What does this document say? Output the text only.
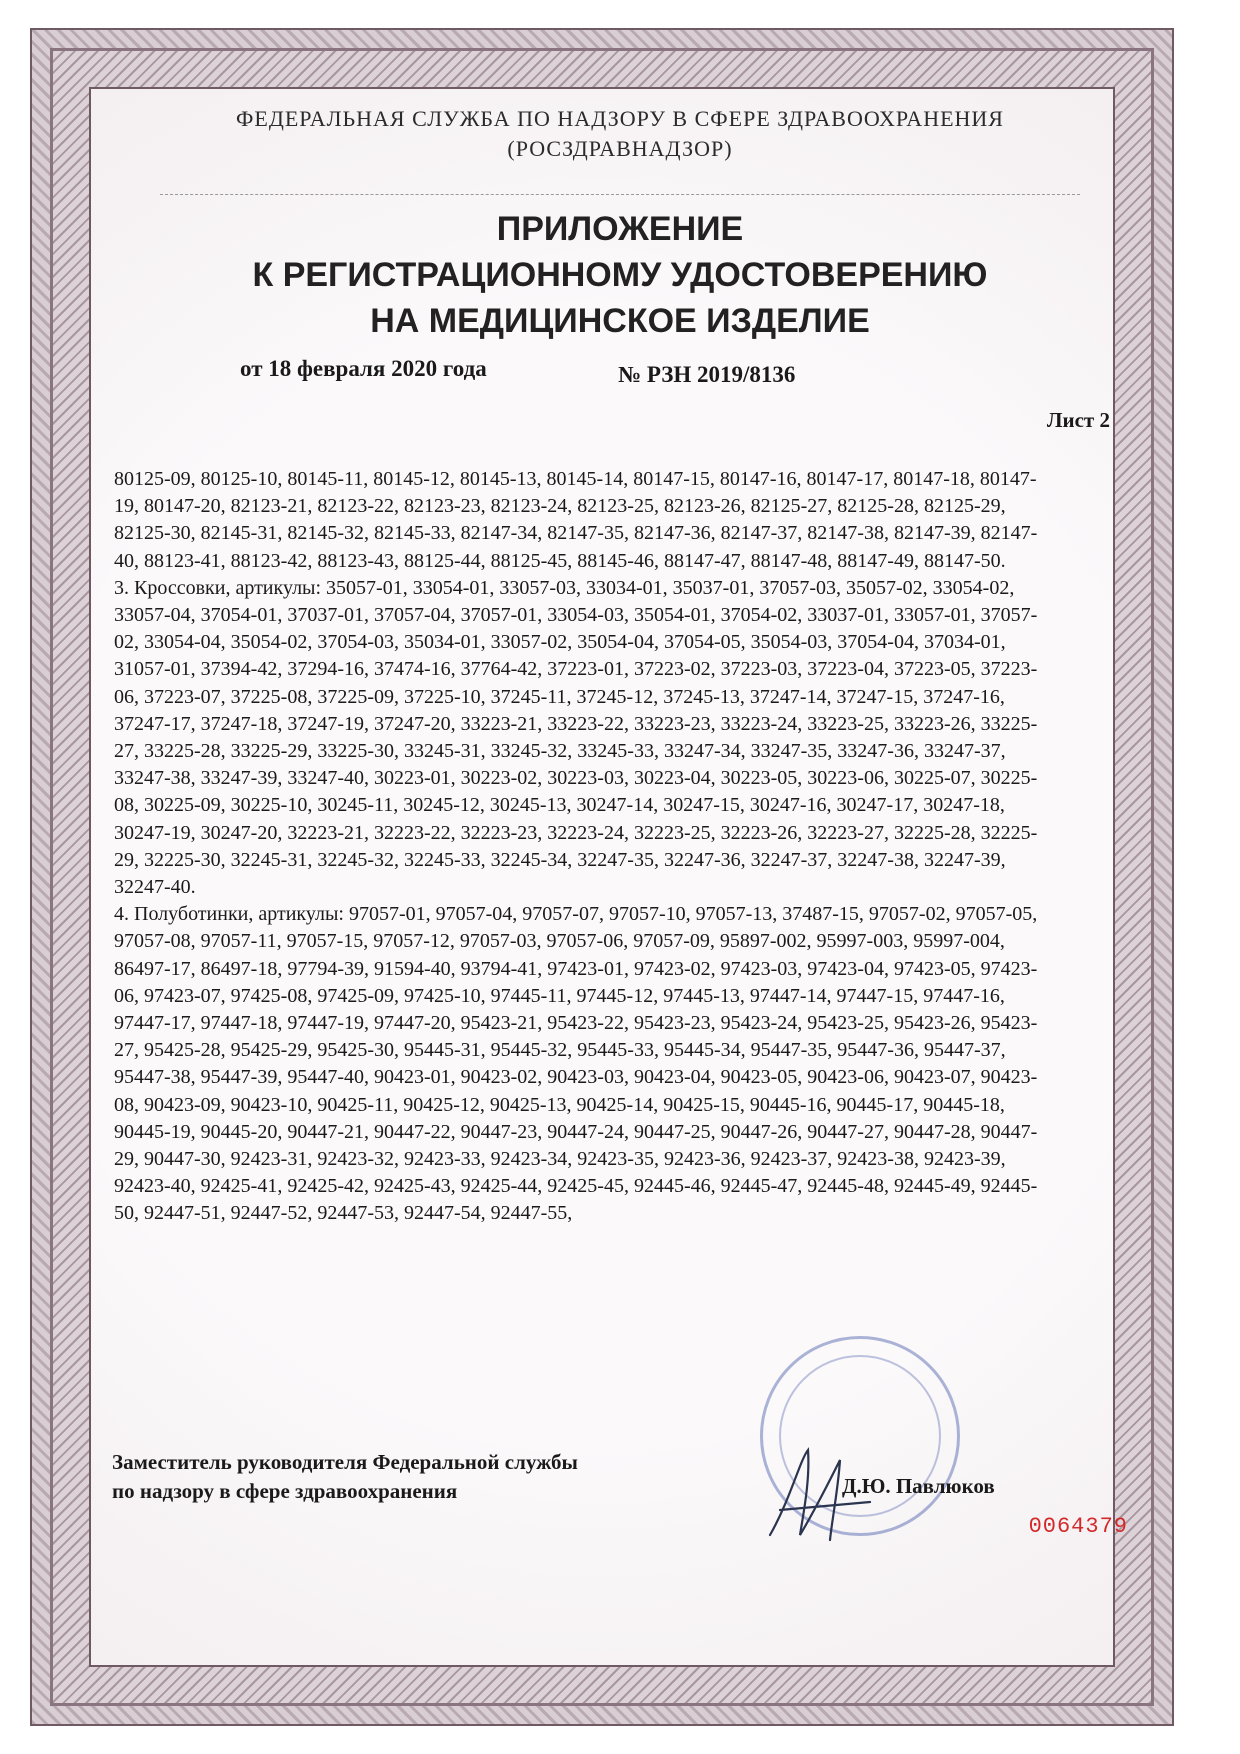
ФЕДЕРАЛЬНАЯ СЛУЖБА ПО НАДЗОРУ В СФЕРЕ ЗДРАВООХРАНЕНИЯ
(РОСЗДРАВНАДЗОР)
ПРИЛОЖЕНИЕ
К РЕГИСТРАЦИОННОМУ УДОСТОВЕРЕНИЮ
НА МЕДИЦИНСКОЕ ИЗДЕЛИЕ
от 18 февраля 2020 года	№ РЗН 2019/8136
Лист 2

80125-09, 80125-10, 80145-11, 80145-12, 80145-13, 80145-14, 80147-15, 80147-16, 80147-17, 80147-18, 80147-19, 80147-20, 82123-21, 82123-22, 82123-23, 82123-24, 82123-25, 82123-26, 82125-27, 82125-28, 82125-29, 82125-30, 82145-31, 82145-32, 82145-33, 82147-34, 82147-35, 82147-36, 82147-37, 82147-38, 82147-39, 82147-40, 88123-41, 88123-42, 88123-43, 88125-44, 88125-45, 88145-46, 88147-47, 88147-48, 88147-49, 88147-50.

3. Кроссовки, артикулы: 35057-01, 33054-01, 33057-03, 33034-01, 35037-01, 37057-03, 35057-02, 33054-02, 33057-04, 37054-01, 37037-01, 37057-04, 37057-01, 33054-03, 35054-01, 37054-02, 33037-01, 33057-01, 37057-02, 33054-04, 35054-02, 37054-03, 35034-01, 33057-02, 35054-04, 37054-05, 35054-03, 37054-04, 37034-01, 31057-01, 37394-42, 37294-16, 37474-16, 37764-42, 37223-01, 37223-02, 37223-03, 37223-04, 37223-05, 37223-06, 37223-07, 37225-08, 37225-09, 37225-10, 37245-11, 37245-12, 37245-13, 37247-14, 37247-15, 37247-16, 37247-17, 37247-18, 37247-19, 37247-20, 33223-21, 33223-22, 33223-23, 33223-24, 33223-25, 33223-26, 33225-27, 33225-28, 33225-29, 33225-30, 33245-31, 33245-32, 33245-33, 33247-34, 33247-35, 33247-36, 33247-37, 33247-38, 33247-39, 33247-40, 30223-01, 30223-02, 30223-03, 30223-04, 30223-05, 30223-06, 30225-07, 30225-08, 30225-09, 30225-10, 30245-11, 30245-12, 30245-13, 30247-14, 30247-15, 30247-16, 30247-17, 30247-18, 30247-19, 30247-20, 32223-21, 32223-22, 32223-23, 32223-24, 32223-25, 32223-26, 32223-27, 32225-28, 32225-29, 32225-30, 32245-31, 32245-32, 32245-33, 32245-34, 32247-35, 32247-36, 32247-37, 32247-38, 32247-39, 32247-40.

4. Полуботинки, артикулы: 97057-01, 97057-04, 97057-07, 97057-10, 97057-13, 37487-15, 97057-02, 97057-05, 97057-08, 97057-11, 97057-15, 97057-12, 97057-03, 97057-06, 97057-09, 95897-002, 95997-003, 95997-004, 86497-17, 86497-18, 97794-39, 91594-40, 93794-41, 97423-01, 97423-02, 97423-03, 97423-04, 97423-05, 97423-06, 97423-07, 97425-08, 97425-09, 97425-10, 97445-11, 97445-12, 97445-13, 97447-14, 97447-15, 97447-16, 97447-17, 97447-18, 97447-19, 97447-20, 95423-21, 95423-22, 95423-23, 95423-24, 95423-25, 95423-26, 95423-27, 95425-28, 95425-29, 95425-30, 95445-31, 95445-32, 95445-33, 95445-34, 95447-35, 95447-36, 95447-37, 95447-38, 95447-39, 95447-40, 90423-01, 90423-02, 90423-03, 90423-04, 90423-05, 90423-06, 90423-07, 90423-08, 90423-09, 90423-10, 90425-11, 90425-12, 90425-13, 90425-14, 90425-15, 90445-16, 90445-17, 90445-18, 90445-19, 90445-20, 90447-21, 90447-22, 90447-23, 90447-24, 90447-25, 90447-26, 90447-27, 90447-28, 90447-29, 90447-30, 92423-31, 92423-32, 92423-33, 92423-34, 92423-35, 92423-36, 92423-37, 92423-38, 92423-39, 92423-40, 92425-41, 92425-42, 92425-43, 92425-44, 92425-45, 92445-46, 92445-47, 92445-48, 92445-49, 92445-50, 92447-51, 92447-52, 92447-53, 92447-54, 92447-55,

Заместитель руководителя Федеральной службы
по надзору в сфере здравоохранения	Д.Ю. Павлюков
0064379
